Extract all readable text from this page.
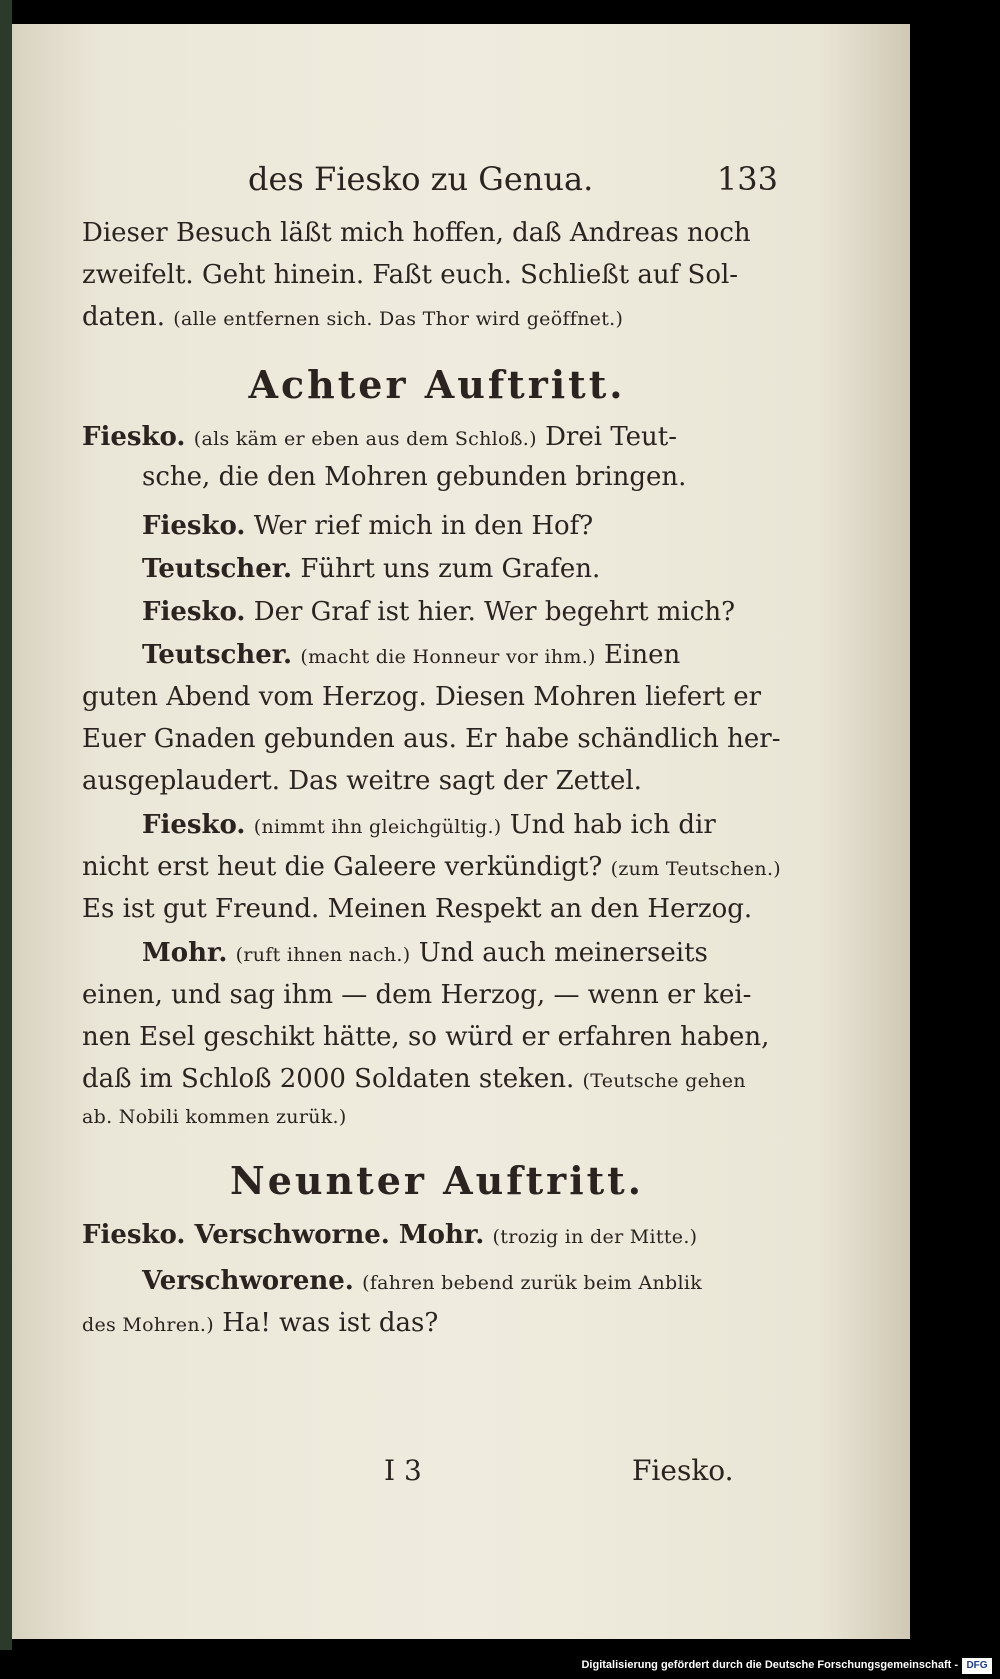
des Fiesko zu Genua.	133
Dieser Besuch läßt mich hoffen, daß Andreas noch
zweifelt. Geht hinein. Faßt euch. Schließt auf Sol-
daten. (alle entfernen sich. Das Thor wird geöffnet.)
Achter Auftritt.
Fiesko. (als käm er eben aus dem Schloß.) Drei Teut-
sche, die den Mohren gebunden bringen.
Fiesko. Wer rief mich in den Hof?
Teutscher. Führt uns zum Grafen.
Fiesko. Der Graf ist hier. Wer begehrt mich?
Teutscher. (macht die Honneur vor ihm.) Einen
guten Abend vom Herzog. Diesen Mohren liefert er
Euer Gnaden gebunden aus. Er habe schändlich her-
ausgeplaudert. Das weitre sagt der Zettel.
Fiesko. (nimmt ihn gleichgültig.) Und hab ich dir
nicht erst heut die Galeere verkündigt? (zum Teutschen.)
Es ist gut Freund. Meinen Respekt an den Herzog.
Mohr. (ruft ihnen nach.) Und auch meinerseits
einen, und sag ihm — dem Herzog, — wenn er kei-
nen Esel geschikt hätte, so würd er erfahren haben,
daß im Schloß 2000 Soldaten steken. (Teutsche gehen
ab. Nobili kommen zurük.)
Neunter Auftritt.
Fiesko. Verschworne. Mohr. (trozig in der Mitte.)
Verschworene. (fahren bebend zurük beim Anblik
des Mohren.) Ha! was ist das?
I 3	Fiesko.
Digitalisierung gefördert durch die Deutsche Forschungsgemeinschaft - DFG
